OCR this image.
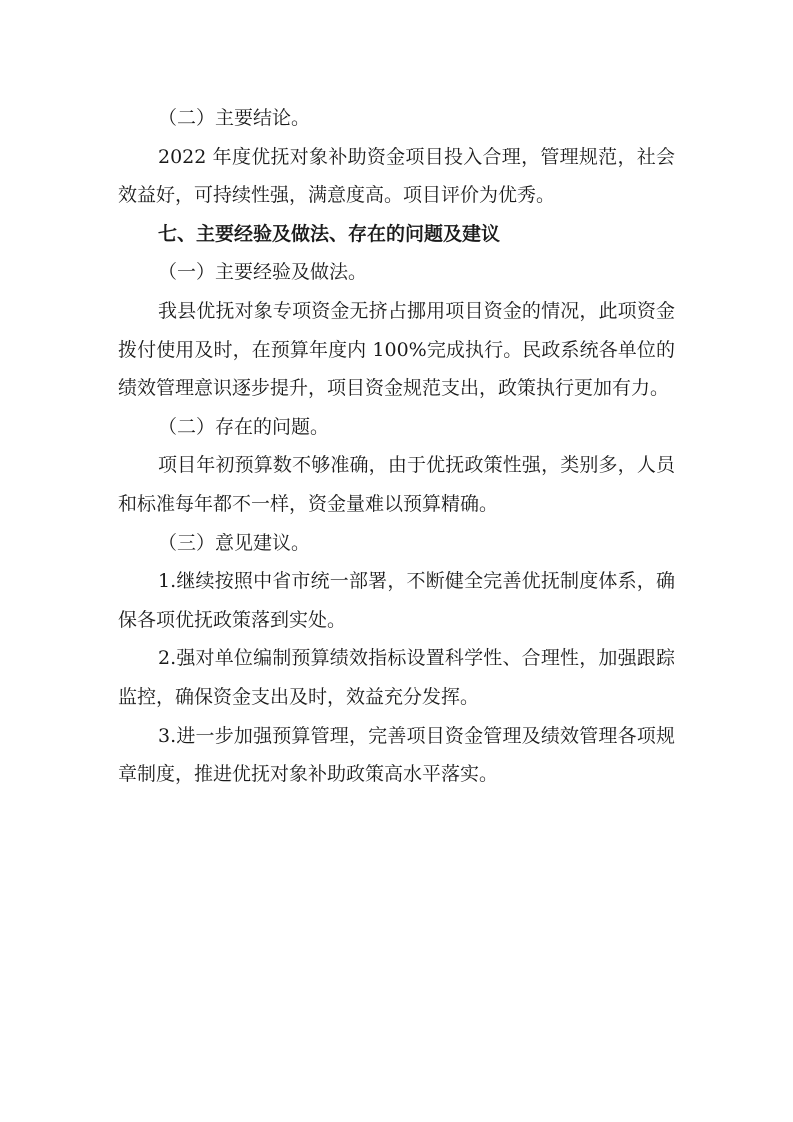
（二）主要结论。

2022 年度优抚对象补助资金项目投入合理，管理规范，社会效益好，可持续性强，满意度高。项目评价为优秀。

七、主要经验及做法、存在的问题及建议

（一）主要经验及做法。

我县优抚对象专项资金无挤占挪用项目资金的情况，此项资金拨付使用及时，在预算年度内 100%完成执行。民政系统各单位的绩效管理意识逐步提升，项目资金规范支出，政策执行更加有力。

（二）存在的问题。

项目年初预算数不够准确，由于优抚政策性强，类别多，人员和标准每年都不一样，资金量难以预算精确。

（三）意见建议。

1.继续按照中省市统一部署，不断健全完善优抚制度体系，确保各项优抚政策落到实处。

2.强对单位编制预算绩效指标设置科学性、合理性，加强跟踪监控，确保资金支出及时，效益充分发挥。

3.进一步加强预算管理，完善项目资金管理及绩效管理各项规章制度，推进优抚对象补助政策高水平落实。
